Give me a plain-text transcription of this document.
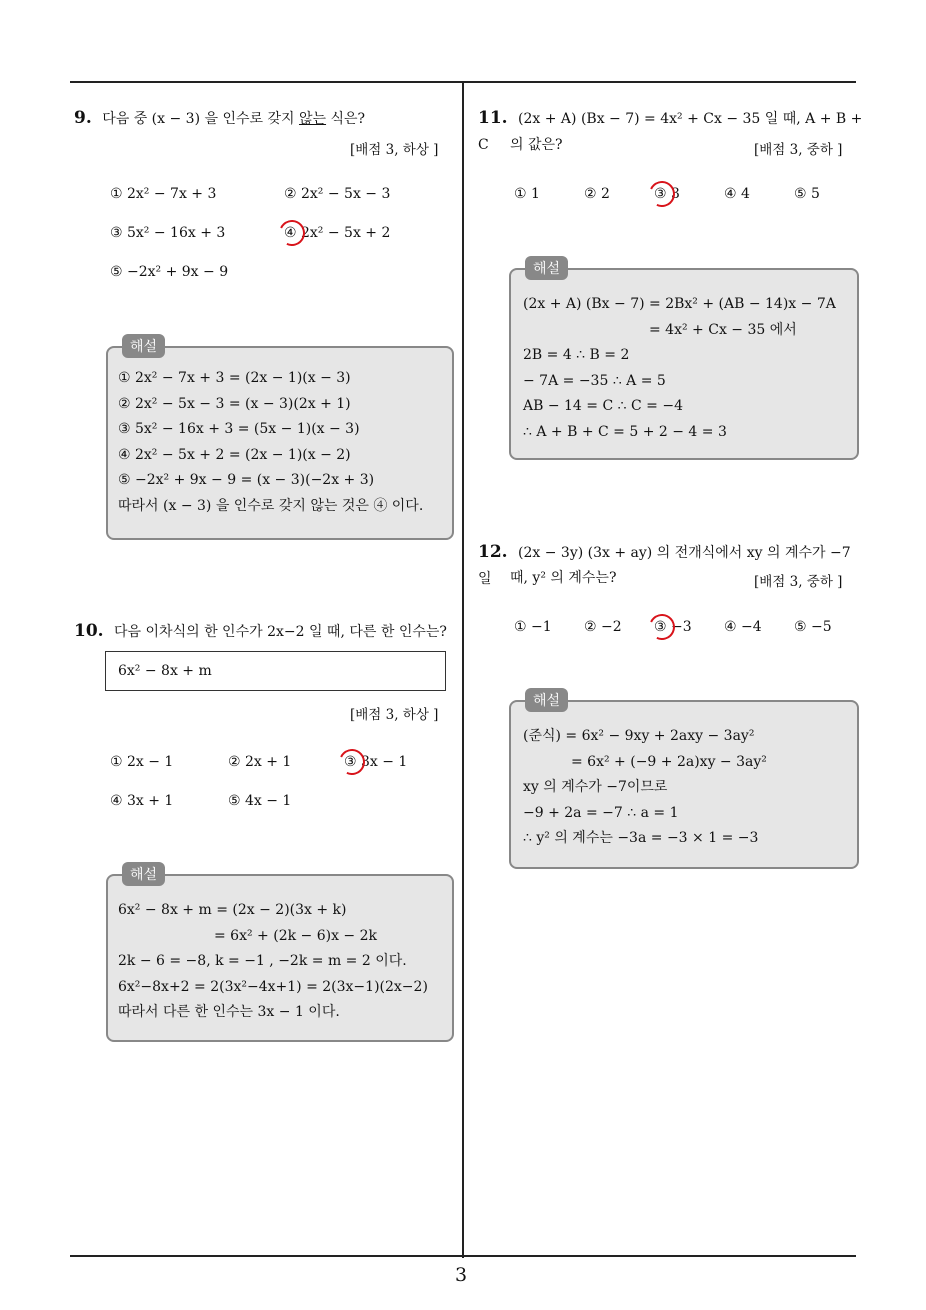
3
9. 다음 중 (x − 3) 을 인수로 갖지 않는 식은?
[배점 3, 하상 ]
① 2x² − 7x + 3	② 2x² − 5x − 3
③ 5x² − 16x + 3	④ 2x² − 5x + 2
⑤ −2x² + 9x − 9
해설
① 2x² − 7x + 3 = (2x − 1)(x − 3)
② 2x² − 5x − 3 = (x − 3)(2x + 1)
③ 5x² − 16x + 3 = (5x − 1)(x − 3)
④ 2x² − 5x + 2 = (2x − 1)(x − 2)
⑤ −2x² + 9x − 9 = (x − 3)(−2x + 3)
따라서 (x − 3) 을 인수로 갖지 않는 것은 ④ 이다.
10. 다음 이차식의 한 인수가 2x−2 일 때, 다른 한 인수는?
6x² − 8x + m
[배점 3, 하상 ]
① 2x − 1	② 2x + 1	③ 3x − 1
④ 3x + 1	⑤ 4x − 1
해설
6x² − 8x + m = (2x − 2)(3x + k)
= 6x² + (2k − 6)x − 2k
2k − 6 = −8, k = −1 , −2k = m = 2 이다.
6x²−8x+2 = 2(3x²−4x+1) = 2(3x−1)(2x−2)
따라서 다른 한 인수는 3x − 1 이다.
11. (2x + A) (Bx − 7) = 4x² + Cx − 35 일 때, A + B + C	의 값은?	[배점 3, 중하 ]
① 1	② 2	③ 3	④ 4	⑤ 5
해설
(2x + A) (Bx − 7) = 2Bx² + (AB − 14)x − 7A
= 4x² + Cx − 35 에서
2B = 4 ∴ B = 2
− 7A = −35 ∴ A = 5
AB − 14 = C ∴ C = −4
∴ A + B + C = 5 + 2 − 4 = 3
12. (2x − 3y) (3x + ay) 의 전개식에서 xy 의 계수가 −7 일	때, y² 의 계수는?	[배점 3, 중하 ]
① −1 ② −2 ③ −3 ④ −4 ⑤ −5
해설
(준식) = 6x² − 9xy + 2axy − 3ay²
= 6x² + (−9 + 2a)xy − 3ay²
xy 의 계수가 −7이므로
−9 + 2a = −7 ∴ a = 1
∴ y² 의 계수는 −3a = −3 × 1 = −3
